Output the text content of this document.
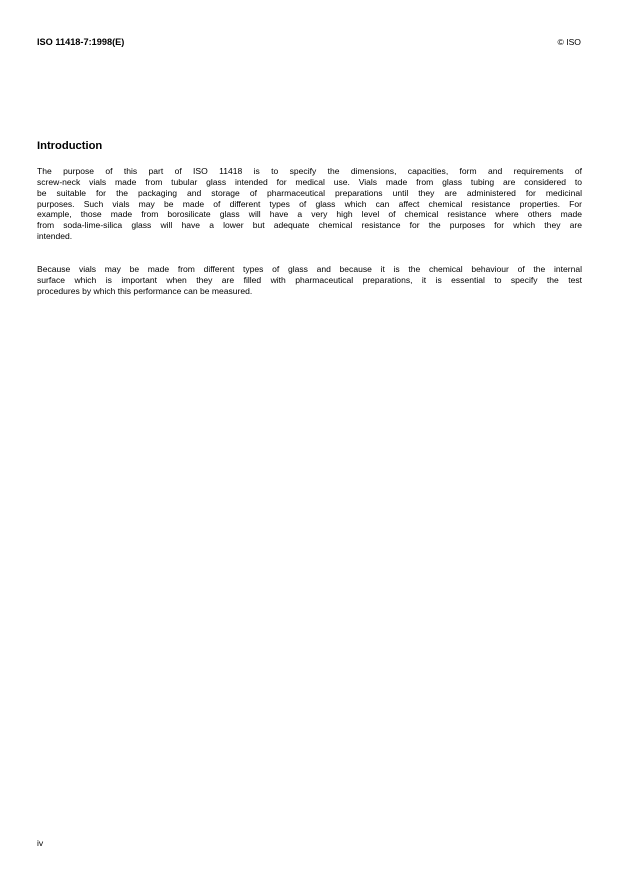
ISO 11418-7:1998(E)	© ISO
Introduction
The purpose of this part of ISO 11418 is to specify the dimensions, capacities, form and requirements of
screw-neck vials made from tubular glass intended for medical use. Vials made from glass tubing are considered to
be suitable for the packaging and storage of pharmaceutical preparations until they are administered for medicinal
purposes. Such vials may be made of different types of glass which can affect chemical resistance properties. For
example, those made from borosilicate glass will have a very high level of chemical resistance where others made
from soda-lime-silica glass will have a lower but adequate chemical resistance for the purposes for which they are
intended.
Because vials may be made from different types of glass and because it is the chemical behaviour of the internal
surface which is important when they are filled with pharmaceutical preparations, it is essential to specify the test
procedures by which this performance can be measured.
iv
